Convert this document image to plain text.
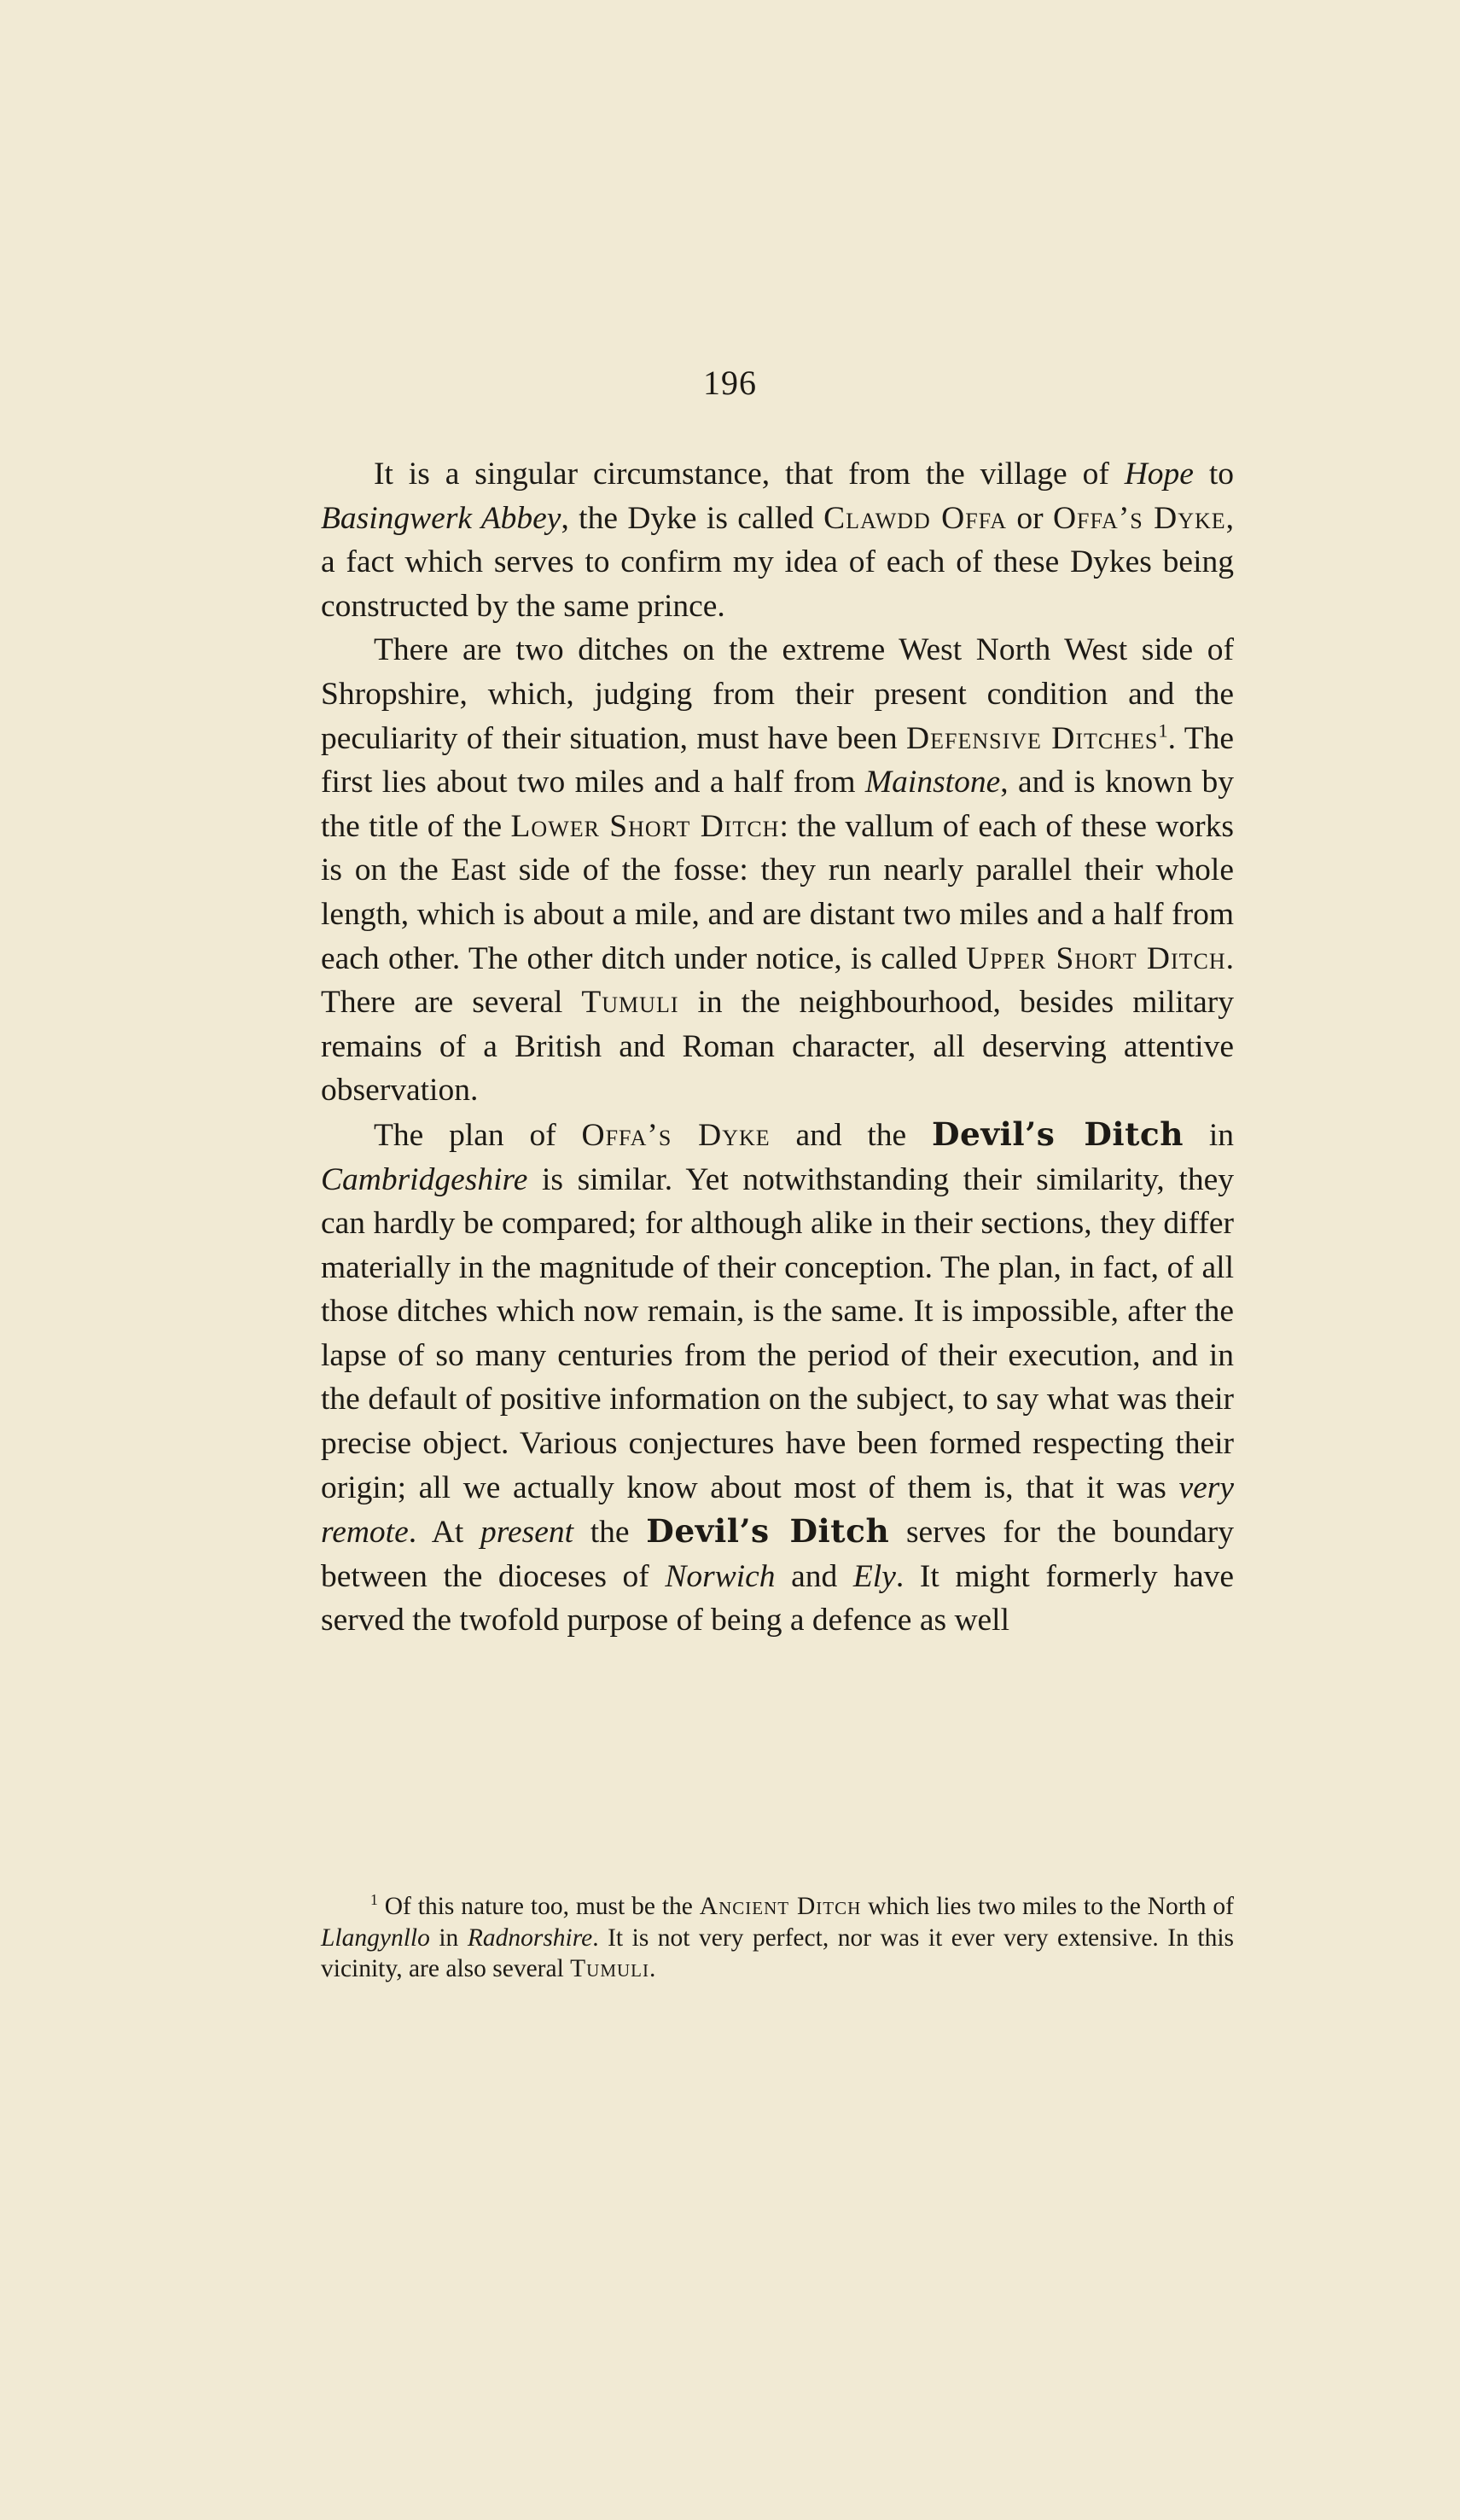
196

It is a singular circumstance, that from the village of Hope to Basingwerk Abbey, the Dyke is called Clawdd Offa or Offa’s Dyke, a fact which serves to confirm my idea of each of these Dykes being constructed by the same prince.

There are two ditches on the extreme West North West side of Shropshire, which, judging from their present condition and the peculiarity of their situation, must have been Defensive Ditches$^1$. The first lies about two miles and a half from Mainstone, and is known by the title of the Lower Short Ditch: the vallum of each of these works is on the East side of the fosse: they run nearly parallel their whole length, which is about a mile, and are distant two miles and a half from each other. The other ditch under notice, is called Upper Short Ditch. There are several Tumuli in the neighbourhood, besides military remains of a British and Roman character, all deserving attentive observation.

The plan of Offa’s Dyke and the Devil’s Ditch in Cambridgeshire is similar. Yet notwithstanding their similarity, they can hardly be compared; for although alike in their sections, they differ materially in the magnitude of their conception. The plan, in fact, of all those ditches which now remain, is the same. It is impossible, after the lapse of so many centuries from the period of their execution, and in the default of positive information on the subject, to say what was their precise object. Various conjectures have been formed respecting their origin; all we actually know about most of them is, that it was very remote. At present the Devil’s Ditch serves for the boundary between the dioceses of Norwich and Ely. It might formerly have served the twofold purpose of being a defence as well

$^1$ Of this nature too, must be the Ancient Ditch which lies two miles to the North of Llangynllo in Radnorshire. It is not very perfect, nor was it ever very extensive. In this vicinity, are also several Tumuli.
